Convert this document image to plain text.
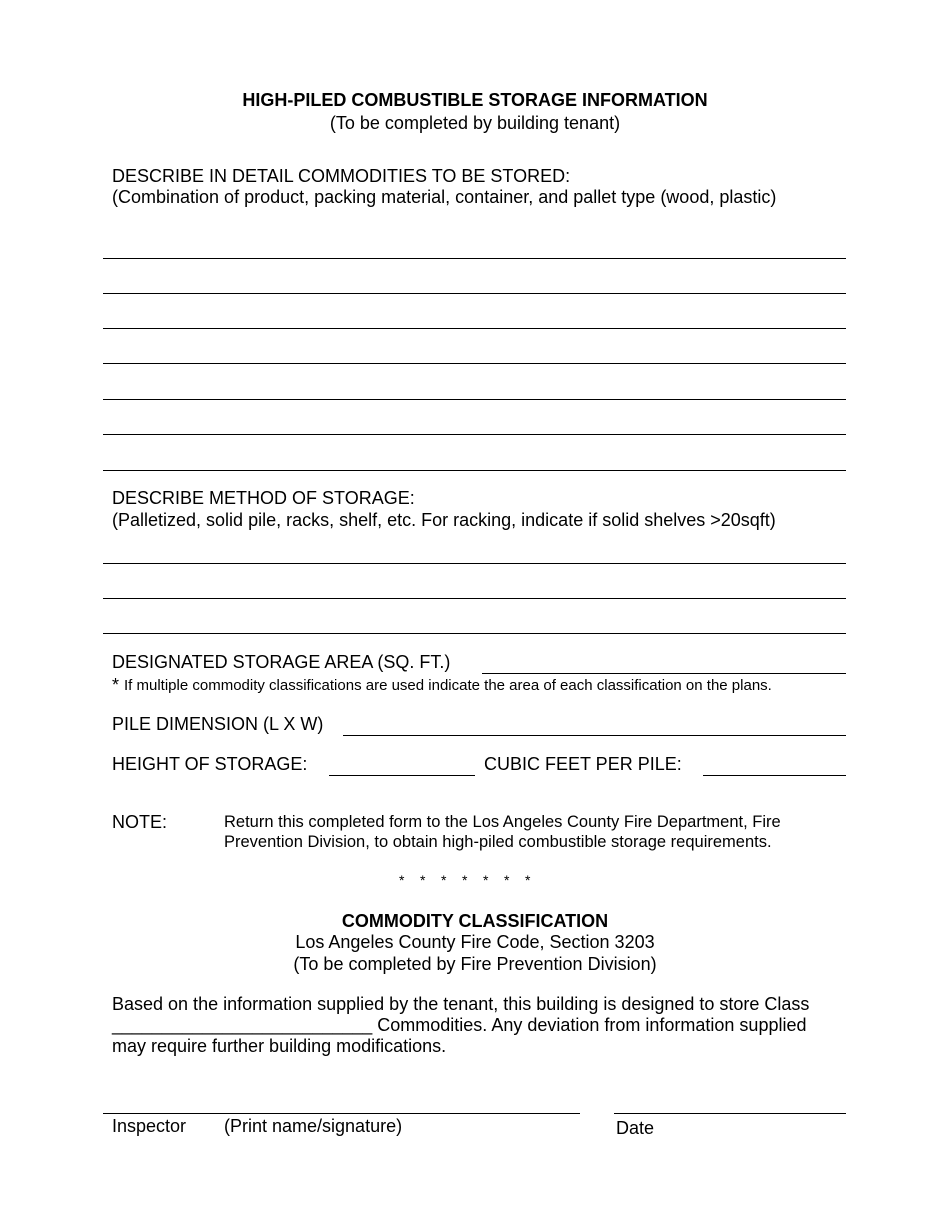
HIGH-PILED COMBUSTIBLE STORAGE INFORMATION
(To be completed by building tenant)
DESCRIBE IN DETAIL COMMODITIES TO BE STORED:
(Combination of product, packing material, container, and pallet type (wood, plastic)
DESCRIBE METHOD OF STORAGE:
(Palletized, solid pile, racks, shelf, etc. For racking, indicate if solid shelves >20sqft)
DESIGNATED STORAGE AREA (SQ. FT.)
* If multiple commodity classifications are used indicate the area of each classification on the plans.
PILE DIMENSION (L X W)
HEIGHT OF STORAGE:	CUBIC FEET PER PILE:
NOTE:	Return this completed form to the Los Angeles County Fire Department, Fire
Prevention Division, to obtain high-piled combustible storage requirements.
*    *    *    *    *    *    *
COMMODITY CLASSIFICATION
Los Angeles County Fire Code, Section 3203
(To be completed by Fire Prevention Division)
Based on the information supplied by the tenant, this building is designed to store Class
__________________________ Commodities. Any deviation from information supplied
may require further building modifications.
Inspector (Print name/signature)	Date
